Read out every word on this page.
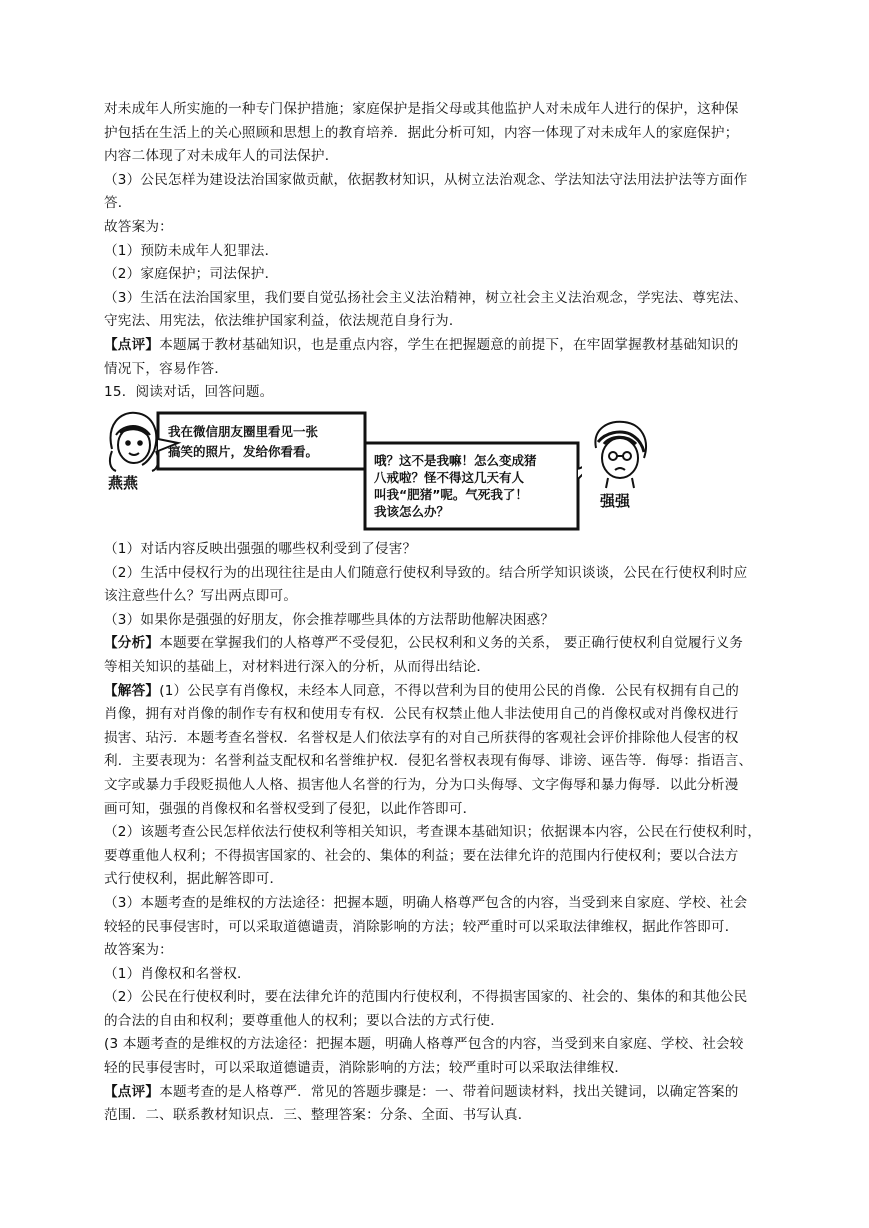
对未成年人所实施的一种专门保护措施；家庭保护是指父母或其他监护人对未成年人进行的保护，这种保

护包括在生活上的关心照顾和思想上的教育培养．据此分析可知，内容一体现了对未成年人的家庭保护；

内容二体现了对未成年人的司法保护．

（3）公民怎样为建设法治国家做贡献，依据教材知识，从树立法治观念、学法知法守法用法护法等方面作

答．

故答案为：

（1）预防未成年人犯罪法．

（2）家庭保护；司法保护．

（3）生活在法治国家里，我们要自觉弘扬社会主义法治精神，树立社会主义法治观念，学宪法、尊宪法、

守宪法、用宪法，依法维护国家利益，依法规范自身行为．

【点评】本题属于教材基础知识，也是重点内容，学生在把握题意的前提下，在牢固掌握教材基础知识的

情况下，容易作答．

15．阅读对话，回答问题。

燕燕
我在微信朋友圈里看见一张
搞笑的照片，发给你看看。
哦？这不是我嘛！怎么变成猪
八戒啦？怪不得这几天有人
叫我“肥猪”呢。气死我了！
我该怎么办？
强强

（1）对话内容反映出强强的哪些权利受到了侵害？

（2）生活中侵权行为的出现往往是由人们随意行使权利导致的。结合所学知识谈谈，公民在行使权利时应

该注意些什么？写出两点即可。

（3）如果你是强强的好朋友，你会推荐哪些具体的方法帮助他解决困惑？

【分析】本题要在掌握我们的人格尊严不受侵犯，公民权利和义务的关系， 要正确行使权利自觉履行义务

等相关知识的基础上，对材料进行深入的分析，从而得出结论．

【解答】(1）公民享有肖像权，未经本人同意，不得以营利为目的使用公民的肖像．公民有权拥有自己的

肖像，拥有对肖像的制作专有权和使用专有权．公民有权禁止他人非法使用自己的肖像权或对肖像权进行

损害、玷污．本题考查名誉权．名誉权是人们依法享有的对自己所获得的客观社会评价排除他人侵害的权

利．主要表现为：名誉利益支配权和名誉维护权．侵犯名誉权表现有侮辱、诽谤、诬告等．侮辱：指语言、

文字或暴力手段贬损他人人格、损害他人名誉的行为，分为口头侮辱、文字侮辱和暴力侮辱．以此分析漫

画可知，强强的肖像权和名誉权受到了侵犯，以此作答即可．

（2）该题考查公民怎样依法行使权利等相关知识，考查课本基础知识；依据课本内容，公民在行使权利时，

要尊重他人权利；不得损害国家的、社会的、集体的利益；要在法律允许的范围内行使权利；要以合法方

式行使权利，据此解答即可．

（3）本题考查的是维权的方法途径：把握本题，明确人格尊严包含的内容，当受到来自家庭、学校、社会

较轻的民事侵害时，可以采取道德谴责，消除影响的方法；较严重时可以采取法律维权，据此作答即可．

故答案为：

（1）肖像权和名誉权．

（2）公民在行使权利时，要在法律允许的范围内行使权利，不得损害国家的、社会的、集体的和其他公民

的合法的自由和权利；要尊重他人的权利；要以合法的方式行使．

(3 本题考查的是维权的方法途径：把握本题，明确人格尊严包含的内容，当受到来自家庭、学校、社会较

轻的民事侵害时，可以采取道德谴责，消除影响的方法；较严重时可以采取法律维权．

【点评】本题考查的是人格尊严．常见的答题步骤是：一、带着问题读材料，找出关键词，以确定答案的

范围．二、联系教材知识点．三、整理答案：分条、全面、书写认真．
